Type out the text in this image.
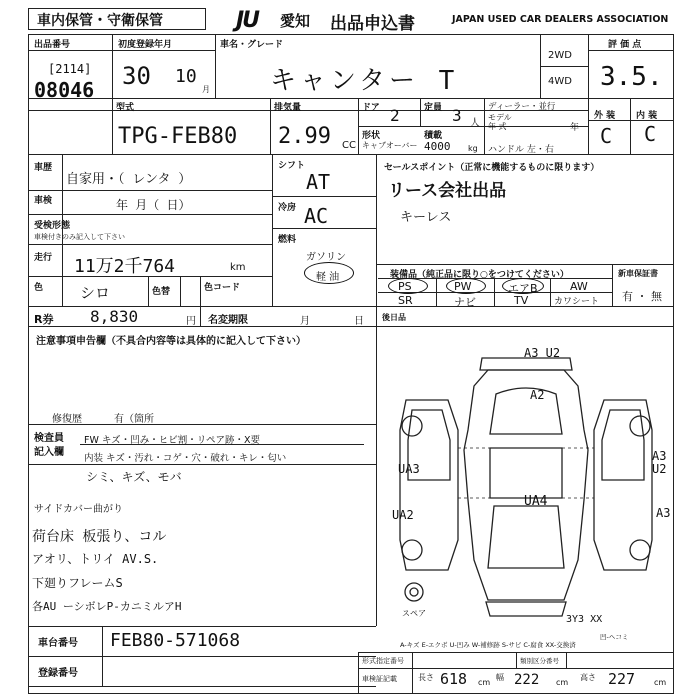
車内保管・守衛保管	JU	愛知 出品申込書	JAPAN USED CAR DEALERS ASSOCIATION
出品番号
[2114]
08046
初度登録年月
30 10
月
車名・グレード
キャンター T
2WD
4WD
評 価 点
3.5.
型式
TPG-FEB80
排気量
2.99 CC
ドア 2	定員 3 人
ディーラー・並行
モデル
年 式	年
形状
キャブオーバー
積載
4000 kg ハンドル 左・右
外 装 内 装
C C
車歴
自家用・（ レンタ ）
車検	年 月（ 日）
受検形態
車検付きのみ記入して下さい
走行 11万2千764	km
色 シロ	色替	色コード
シフト
AT
冷房 AC
燃料
ガソリン
軽 油
セールスポイント（正常に機能するものに限ります）
リース会社出品
キーレス
装備品（純正品に限り○をつけてください）
PS	PW	エアB	AW
SR	ナビ	TV	カワシート
新車保証書
有 ・ 無
R券 8,830	円 名変期限	月	日 後日品
注意事項申告欄（不具合内容等は具体的に記入して下さい）
修復歴	有（箇所
検査員
記入欄
FW キズ・凹み・ヒビ割・リペア跡・X要
内装 キズ・汚れ・コゲ・穴・破れ・キレ・匂い
シミ、キズ、モバ
サイドカバー曲がり
荷台床 板張り、コル
アオリ、トリイ AV.S.
下廻りフレームS
各AU ーシボレP-カニミルアH
A3 U2
A2
UA3
A3 U2
UA4
UA2	A3
3Y3 XX
スペア
A-キズ E-エクボ U-凹み W-補修跡 S-サビ C-腐食 XX-交換済
凹-ヘコミ
車台番号 FEB80-571068
登録番号
形式指定番号	類別区分番号
車検証記載	長さ 618 cm
幅 222 cm
高さ 227 cm
